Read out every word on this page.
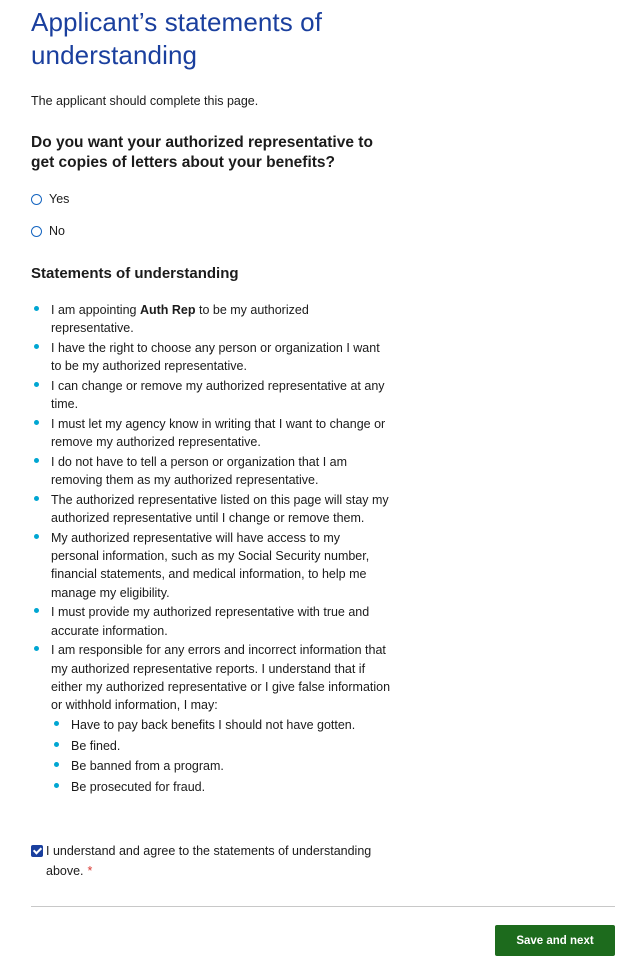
Applicant’s statements of understanding
The applicant should complete this page.
Do you want your authorized representative to get copies of letters about your benefits?
Yes
No
Statements of understanding
I am appointing Auth Rep to be my authorized representative.
I have the right to choose any person or organization I want to be my authorized representative.
I can change or remove my authorized representative at any time.
I must let my agency know in writing that I want to change or remove my authorized representative.
I do not have to tell a person or organization that I am removing them as my authorized representative.
The authorized representative listed on this page will stay my authorized representative until I change or remove them.
My authorized representative will have access to my personal information, such as my Social Security number, financial statements, and medical information, to help me manage my eligibility.
I must provide my authorized representative with true and accurate information.
I am responsible for any errors and incorrect information that my authorized representative reports. I understand that if either my authorized representative or I give false information or withhold information, I may:
Have to pay back benefits I should not have gotten.
Be fined.
Be banned from a program.
Be prosecuted for fraud.
I understand and agree to the statements of understanding above. *
Save and next
